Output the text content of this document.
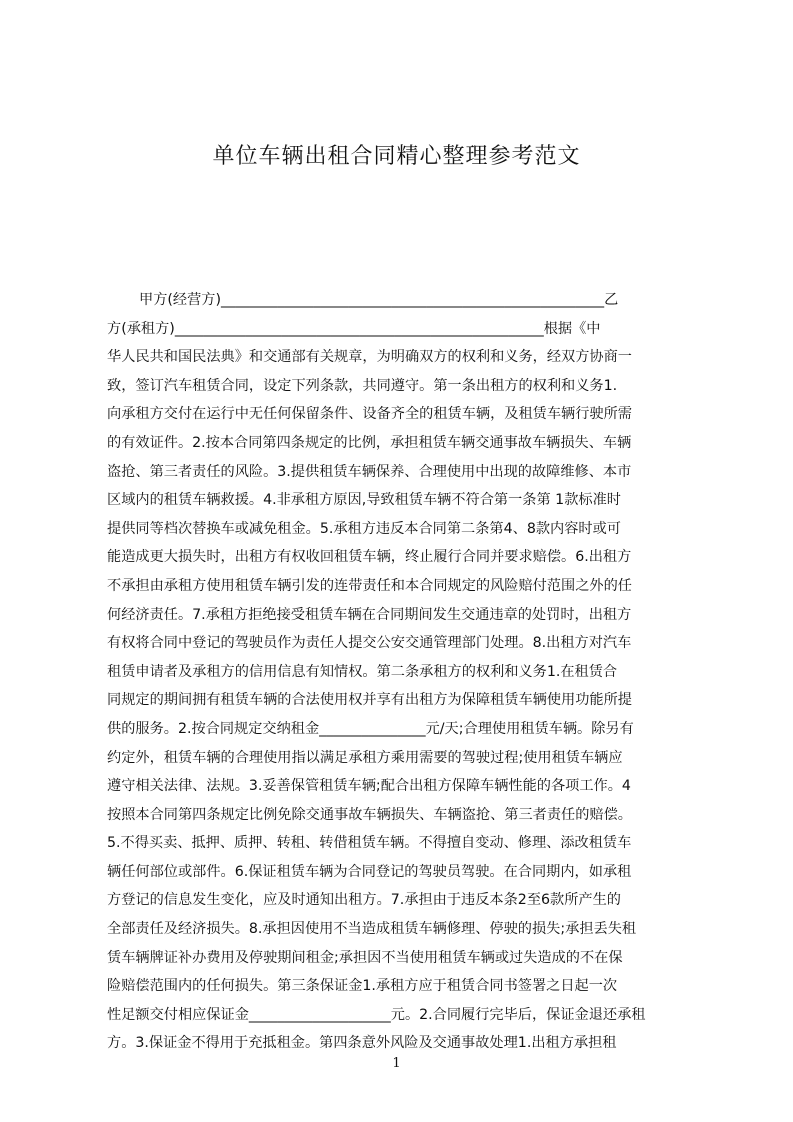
单位车辆出租合同精心整理参考范文
甲方(经营方)______________________________________________________乙
方(承租方)____________________________________________________根据《中
华人民共和国民法典》和交通部有关规章，为明确双方的权利和义务，经双方协商一
致，签订汽车租赁合同，设定下列条款，共同遵守。第一条出租方的权利和义务1.
向承租方交付在运行中无任何保留条件、设备齐全的租赁车辆，及租赁车辆行驶所需
的有效证件。2.按本合同第四条规定的比例，承担租赁车辆交通事故车辆损失、车辆
盗抢、第三者责任的风险。3.提供租赁车辆保养、合理使用中出现的故障维修、本市
区域内的租赁车辆救援。4.非承租方原因,导致租赁车辆不符合第一条第 1款标准时
提供同等档次替换车或减免租金。5.承租方违反本合同第二条第4、8款内容时或可
能造成更大损失时，出租方有权收回租赁车辆，终止履行合同并要求赔偿。6.出租方
不承担由承租方使用租赁车辆引发的连带责任和本合同规定的风险赔付范围之外的任
何经济责任。7.承租方拒绝接受租赁车辆在合同期间发生交通违章的处罚时，出租方
有权将合同中登记的驾驶员作为责任人提交公安交通管理部门处理。8.出租方对汽车
租赁申请者及承租方的信用信息有知情权。第二条承租方的权利和义务1.在租赁合
同规定的期间拥有租赁车辆的合法使用权并享有出租方为保障租赁车辆使用功能所提
供的服务。2.按合同规定交纳租金_______________元/天;合理使用租赁车辆。除另有
约定外，租赁车辆的合理使用指以满足承租方乘用需要的驾驶过程;使用租赁车辆应
遵守相关法律、法规。3.妥善保管租赁车辆;配合出租方保障车辆性能的各项工作。4
按照本合同第四条规定比例免除交通事故车辆损失、车辆盗抢、第三者责任的赔偿。
5.不得买卖、抵押、质押、转租、转借租赁车辆。不得擅自变动、修理、添改租赁车
辆任何部位或部件。6.保证租赁车辆为合同登记的驾驶员驾驶。在合同期内，如承租
方登记的信息发生变化，应及时通知出租方。7.承担由于违反本条2至6款所产生的
全部责任及经济损失。8.承担因使用不当造成租赁车辆修理、停驶的损失;承担丢失租
赁车辆牌证补办费用及停驶期间租金;承担因不当使用租赁车辆或过失造成的不在保
险赔偿范围内的任何损失。第三条保证金1.承租方应于租赁合同书签署之日起一次
性足额交付相应保证金____________________元。2.合同履行完毕后，保证金退还承租
方。3.保证金不得用于充抵租金。第四条意外风险及交通事故处理1.出租方承担租
1
